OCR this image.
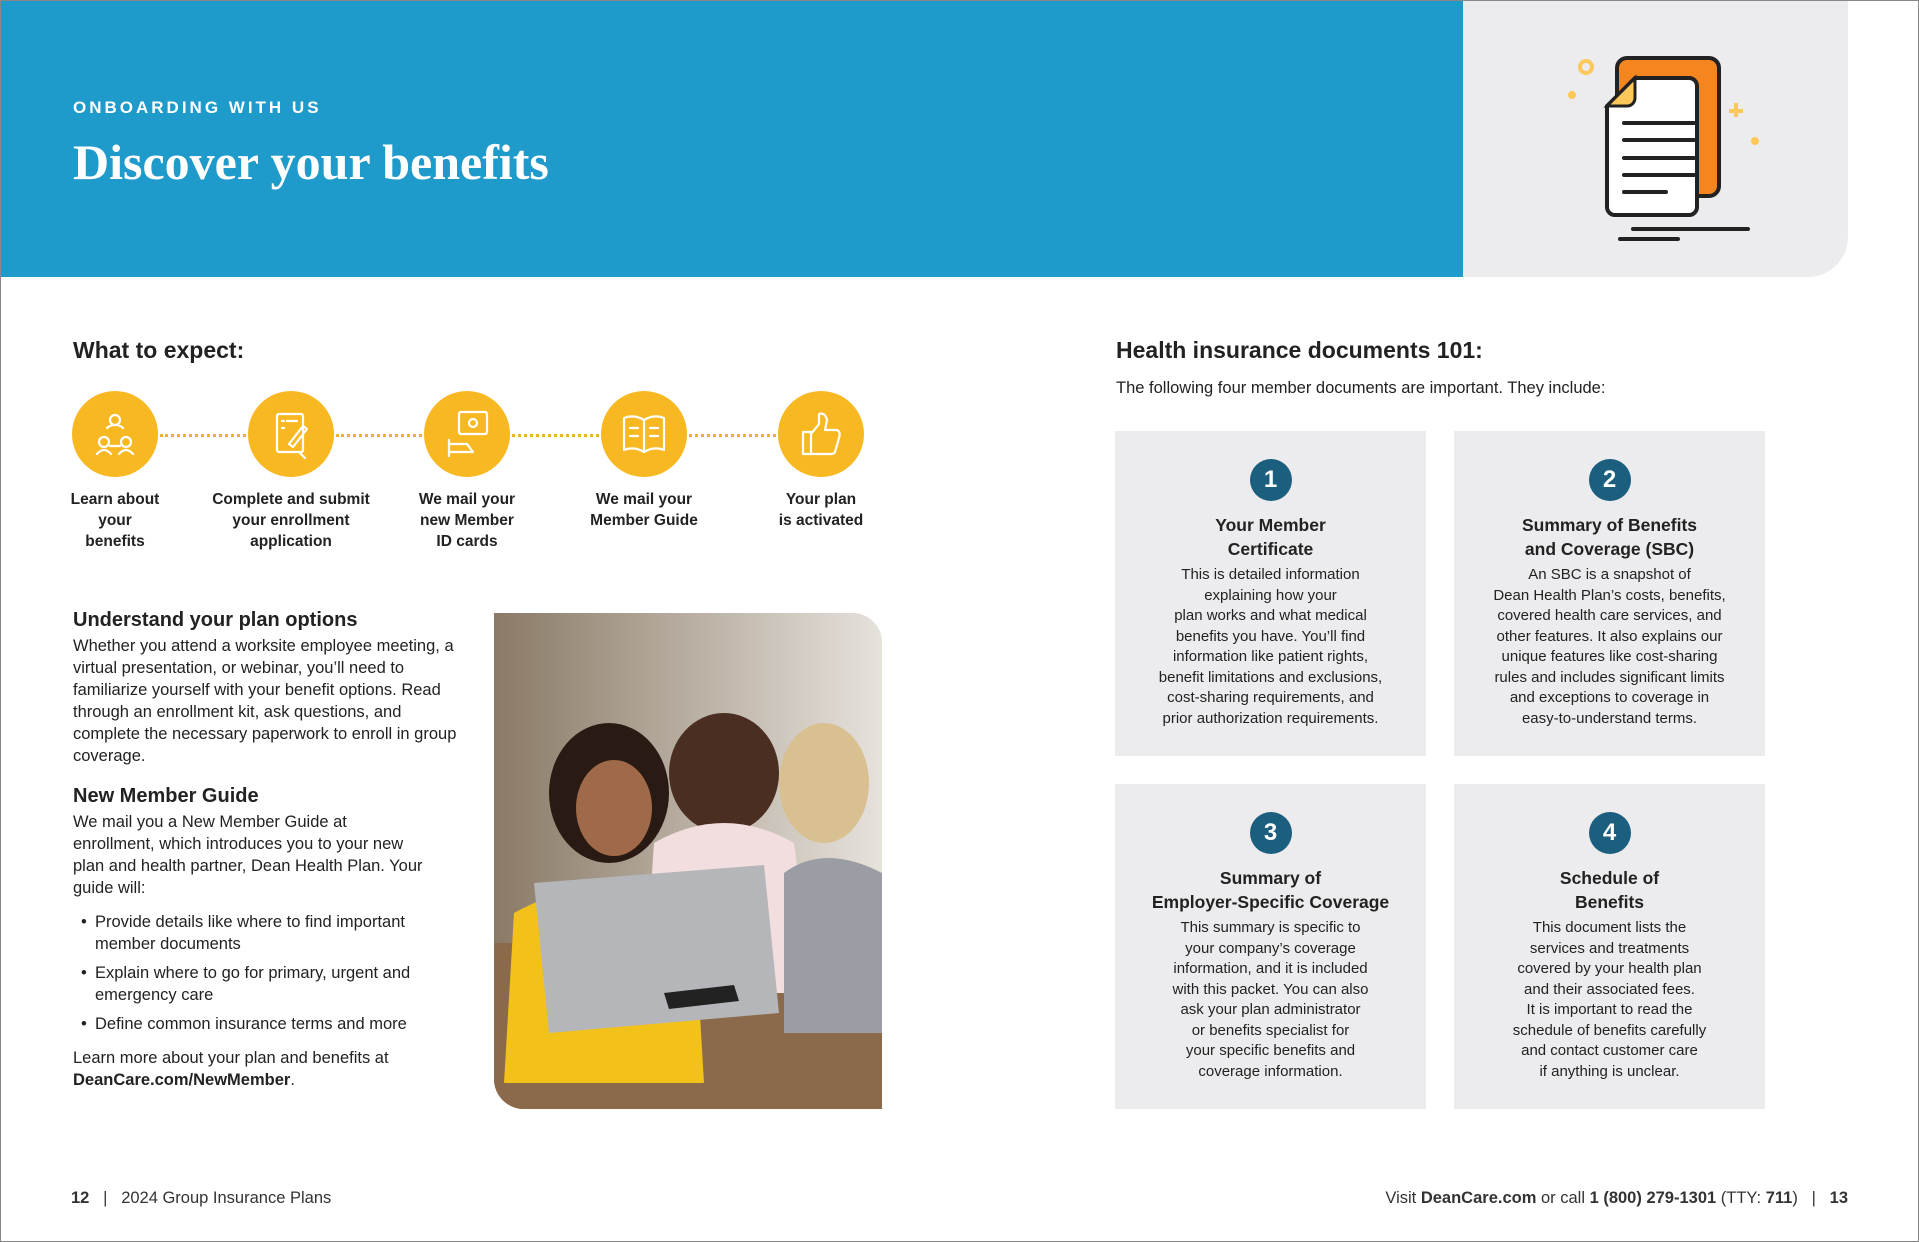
ONBOARDING WITH US
Discover your benefits
What to expect:
Learn about
your
benefits
Complete and submit
your enrollment
application
We mail your
new Member
ID cards
We mail your
Member Guide
Your plan
is activated
Understand your plan options

Whether you attend a worksite employee meeting, a virtual presentation, or webinar, you’ll need to familiarize yourself with your benefit options. Read through an enrollment kit, ask questions, and complete the necessary paperwork to enroll in group coverage.

New Member Guide

We mail you a New Member Guide at enrollment, which introduces you to your new plan and health partner, Dean Health Plan. Your guide will:

• Provide details like where to find important member documents
• Explain where to go for primary, urgent and emergency care
• Define common insurance terms and more

Learn more about your plan and benefits at
DeanCare.com/NewMember.

Health insurance documents 101:

The following four member documents are important. They include:

1
Your Member
Certificate
This is detailed information
explaining how your
plan works and what medical
benefits you have. You’ll find
information like patient rights,
benefit limitations and exclusions,
cost-sharing requirements, and
prior authorization requirements.
2
Summary of Benefits
and Coverage (SBC)
An SBC is a snapshot of
Dean Health Plan’s costs, benefits,
covered health care services, and
other features. It also explains our
unique features like cost-sharing
rules and includes significant limits
and exceptions to coverage in
easy-to-understand terms.
3
Summary of
Employer-Specific Coverage
This summary is specific to
your company’s coverage
information, and it is included
with this packet. You can also
ask your plan administrator
or benefits specialist for
your specific benefits and
coverage information.
4
Schedule of
Benefits
This document lists the
services and treatments
covered by your health plan
and their associated fees.
It is important to read the
schedule of benefits carefully
and contact customer care
if anything is unclear.
12 | 2024 Group Insurance Plans	Visit DeanCare.com or call 1 (800) 279-1301 (TTY: 711) | 13
